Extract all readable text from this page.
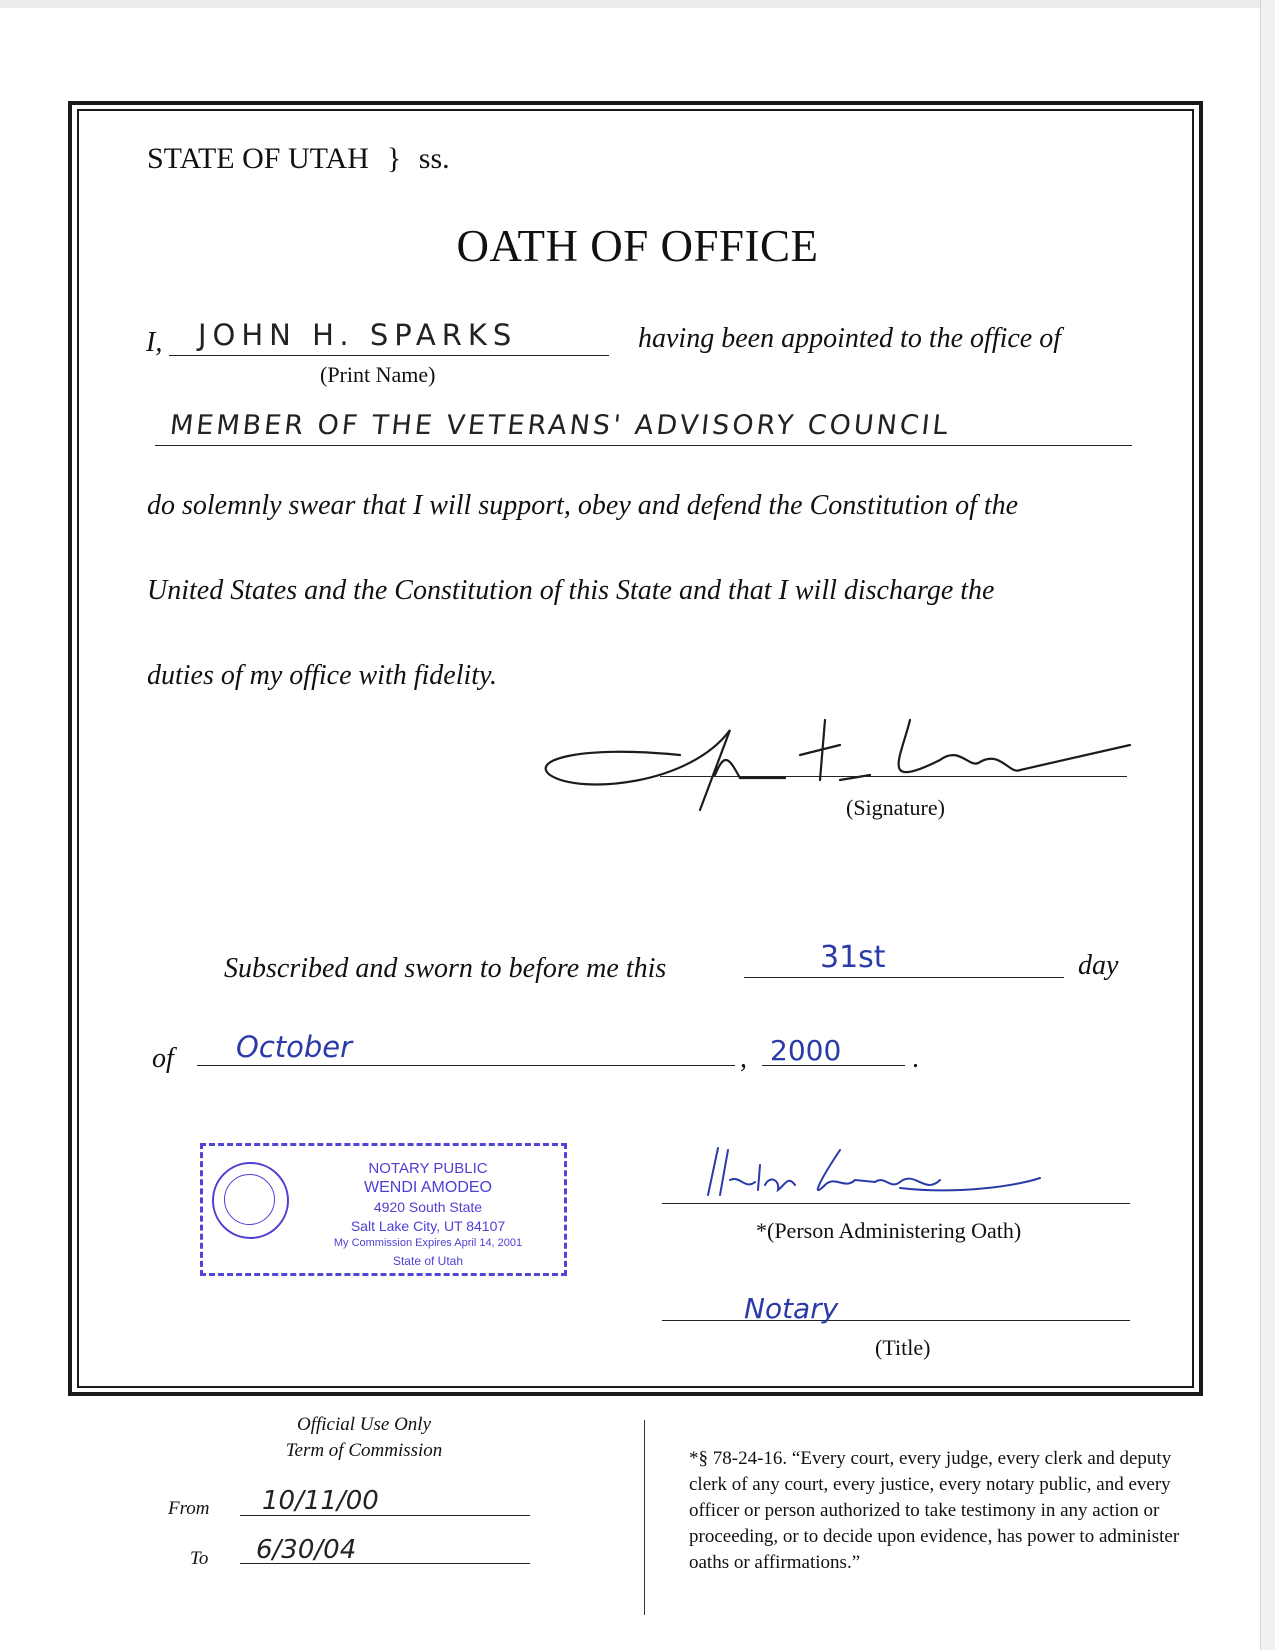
STATE OF UTAH } ss.
OATH OF OFFICE
I, JOHN H. SPARKS
(Print Name)
having been appointed to the office of
MEMBER OF THE VETERANS' ADVISORY COUNCIL
do solemnly swear that I will support, obey and defend the Constitution of the
United States and the Constitution of this State and that I will discharge the
duties of my office with fidelity.
(Signature)
Subscribed and sworn to before me this	31st	day
of October	, 2000	.
NOTARY PUBLIC
WENDI AMODEO
4920 South State
Salt Lake City, UT 84107
My Commission Expires April 14, 2001
State of Utah
*(Person Administering Oath)
Notary
(Title)
Official Use Only
Term of Commission
From 10/11/00
To 6/30/04
*§ 78-24-16. “Every court, every judge, every clerk and deputy clerk of any court, every justice, every notary public, and every officer or person authorized to take testimony in any action or proceeding, or to decide upon evidence, has power to administer oaths or affirmations.”
